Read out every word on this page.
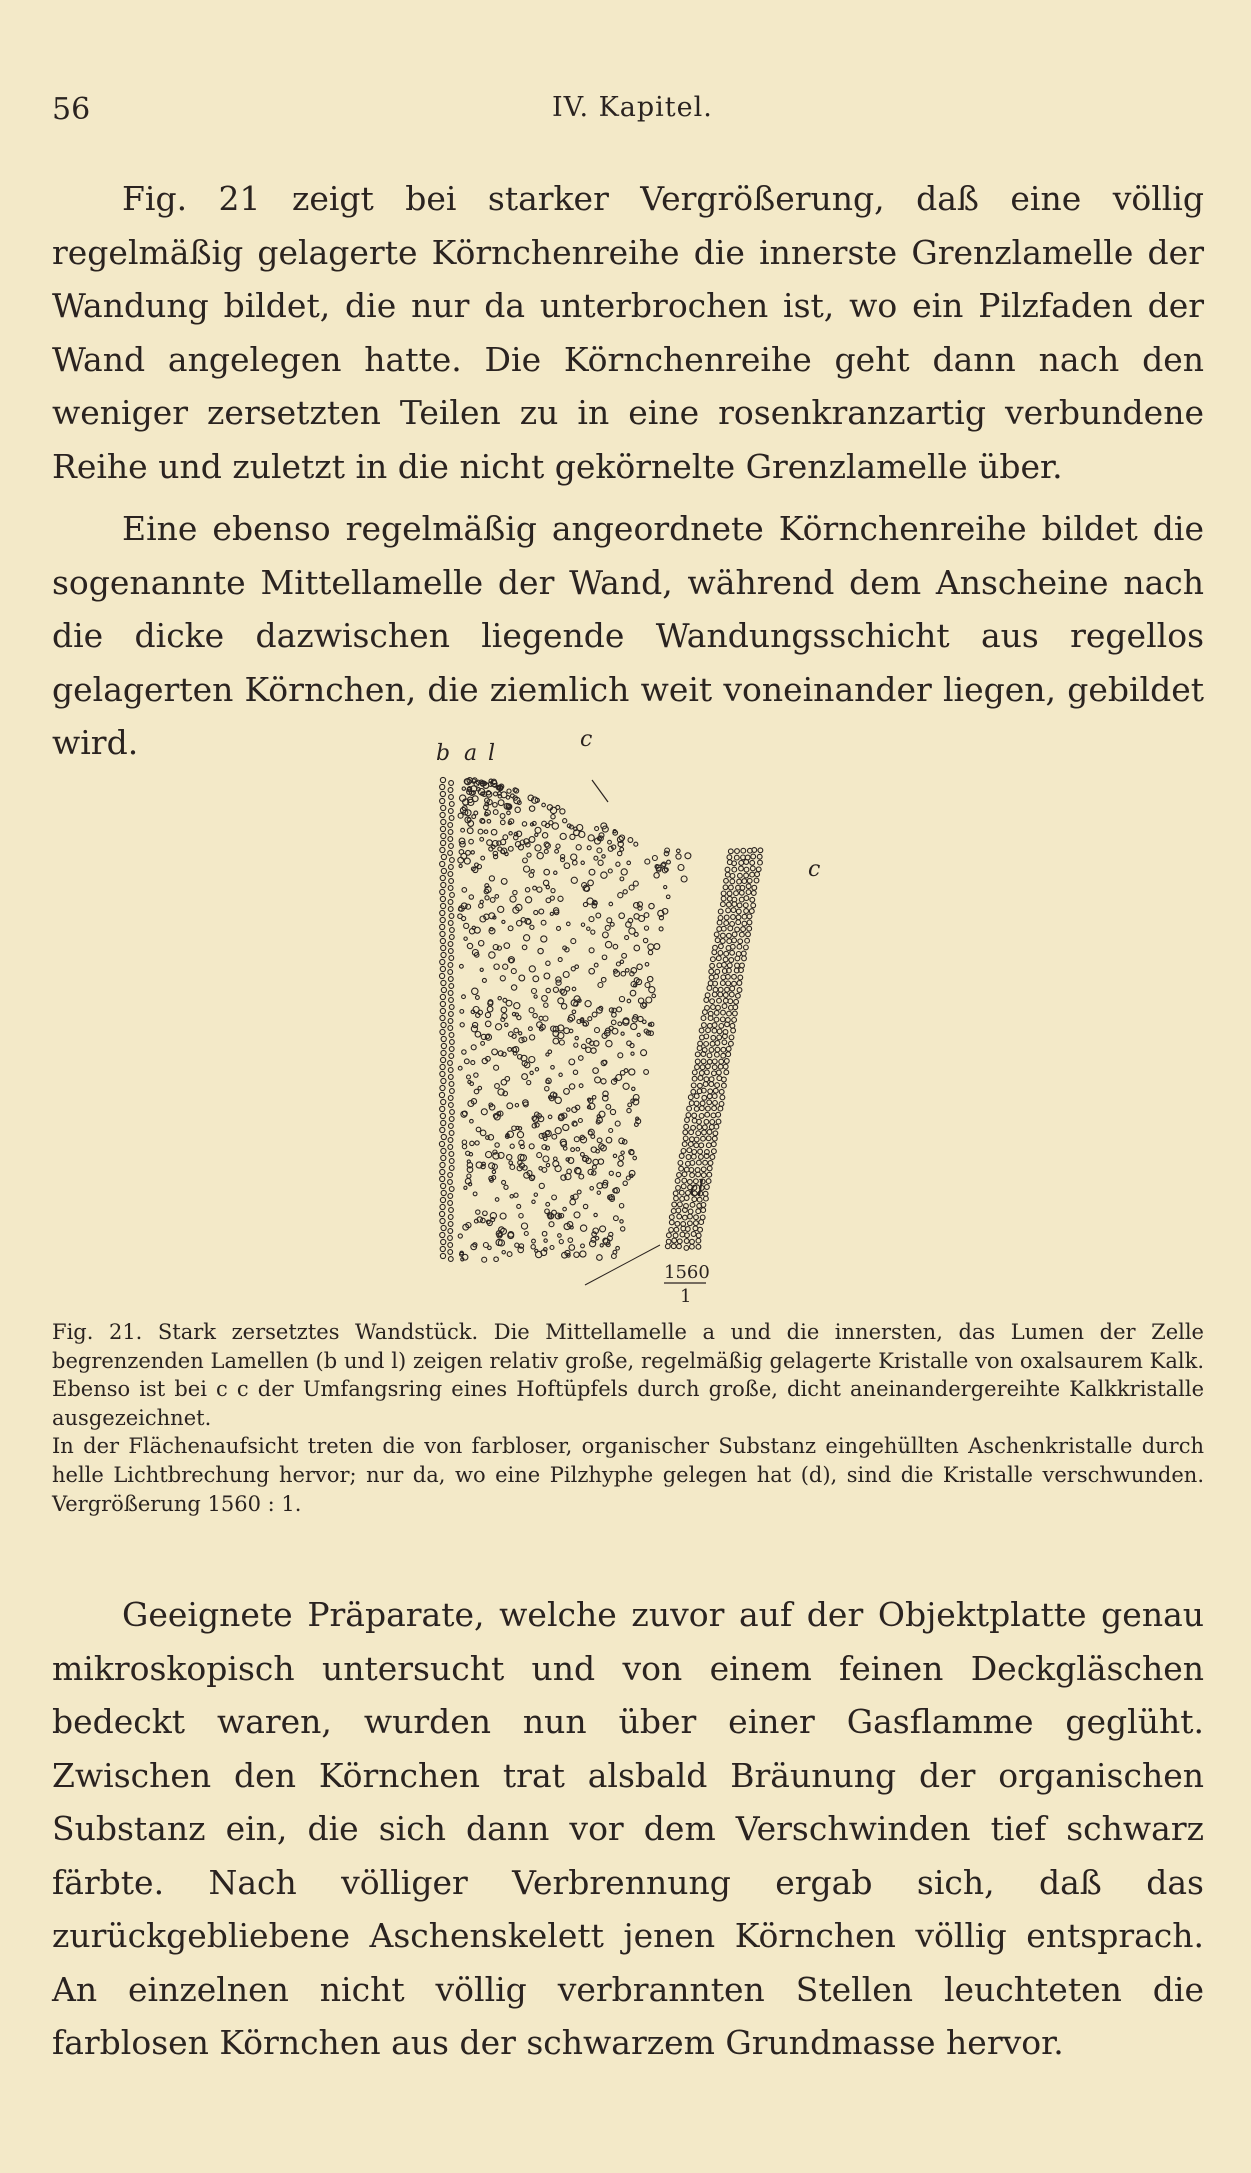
56	IV. Kapitel.

Fig. 21 zeigt bei starker Vergrößerung, daß eine völlig regelmäßig gelagerte Körnchenreihe die innerste Grenzlamelle der Wandung bildet, die nur da unterbrochen ist, wo ein Pilzfaden der Wand angelegen hatte. Die Körnchenreihe geht dann nach den weniger zersetzten Teilen zu in eine rosenkranzartig verbundene Reihe und zuletzt in die nicht gekörnelte Grenzlamelle über.

Eine ebenso regelmäßig angeordnete Körnchenreihe bildet die sogenannte Mittellamelle der Wand, während dem Anscheine nach die dicke dazwischen liegende Wandungsschicht aus regellos gelagerten Körnchen, die ziemlich weit voneinander liegen, gebildet wird.	b a l
c
c
d
1560
1

Fig. 21. Stark zersetztes Wandstück. Die Mittellamelle a und die innersten, das Lumen der Zelle begrenzenden Lamellen (b und l) zeigen relativ große, regelmäßig gelagerte Kristalle von oxalsaurem Kalk. Ebenso ist bei c c der Umfangsring eines Hoftüpfels durch große, dicht aneinandergereihte Kalkkristalle ausgezeichnet.

In der Flächenaufsicht treten die von farbloser, organischer Substanz eingehüllten Aschenkristalle durch helle Lichtbrechung hervor; nur da, wo eine Pilzhyphe gelegen hat (d), sind die Kristalle verschwunden. Vergrößerung 1560 : 1.

Geeignete Präparate, welche zuvor auf der Objektplatte genau mikroskopisch untersucht und von einem feinen Deckgläschen bedeckt waren, wurden nun über einer Gasflamme geglüht. Zwischen den Körnchen trat alsbald Bräunung der organischen Substanz ein, die sich dann vor dem Verschwinden tief schwarz färbte. Nach völliger Verbrennung ergab sich, daß das zurückgebliebene Aschenskelett jenen Körnchen völlig entsprach. An einzelnen nicht völlig verbrannten Stellen leuchteten die farblosen Körnchen aus der schwarzem Grundmasse hervor.
